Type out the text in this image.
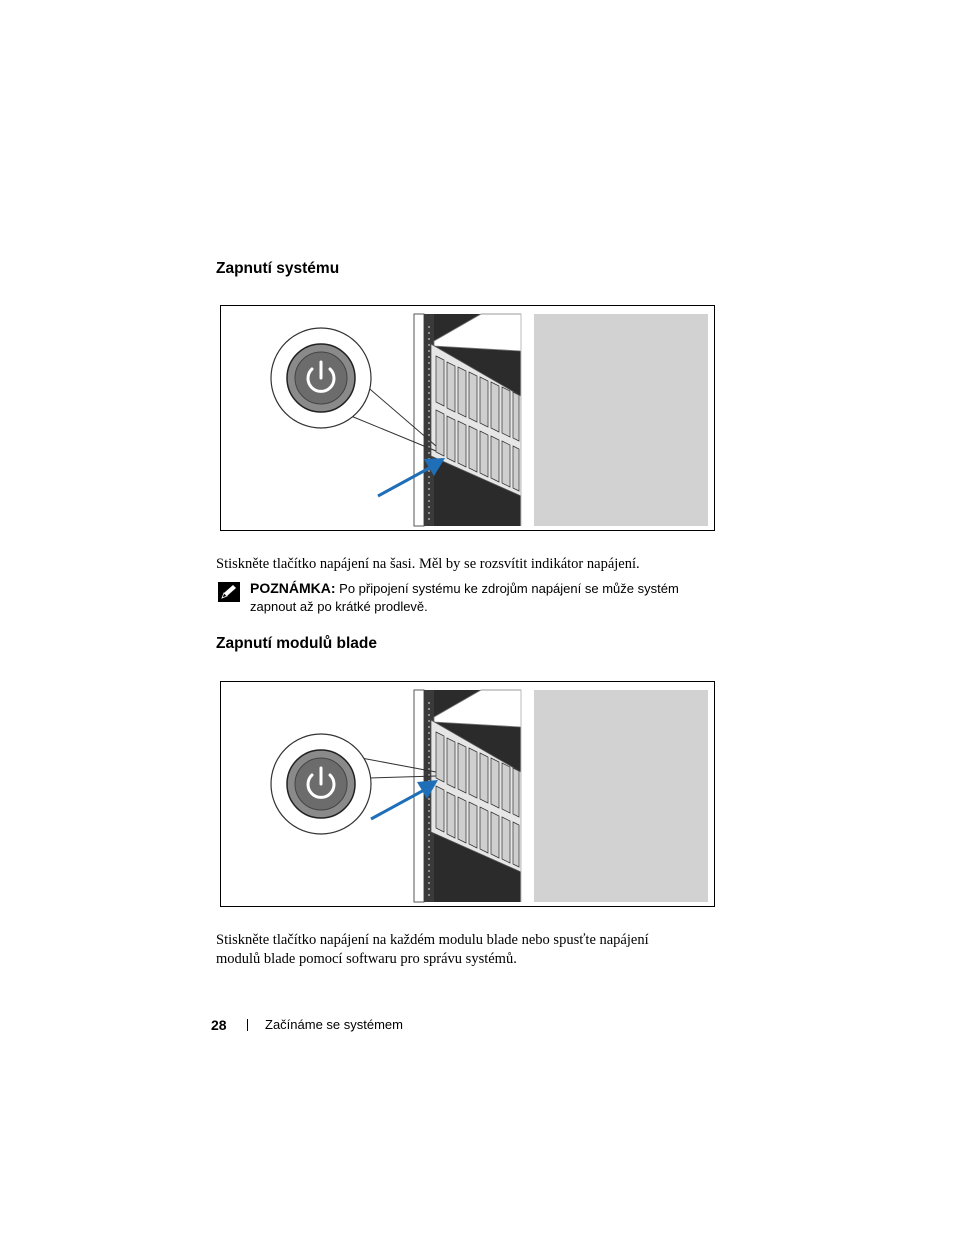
Zapnutí systému

Stiskněte tlačítko napájení na šasi. Měl by se rozsvítit indikátor napájení.

POZNÁMKA: Po připojení systému ke zdrojům napájení se může systém zapnout až po krátké prodlevě.
Zapnutí modulů blade

Stiskněte tlačítko napájení na každém modulu blade nebo spusťte napájení modulů blade pomocí softwaru pro správu systémů.

28	Začínáme se systémem
